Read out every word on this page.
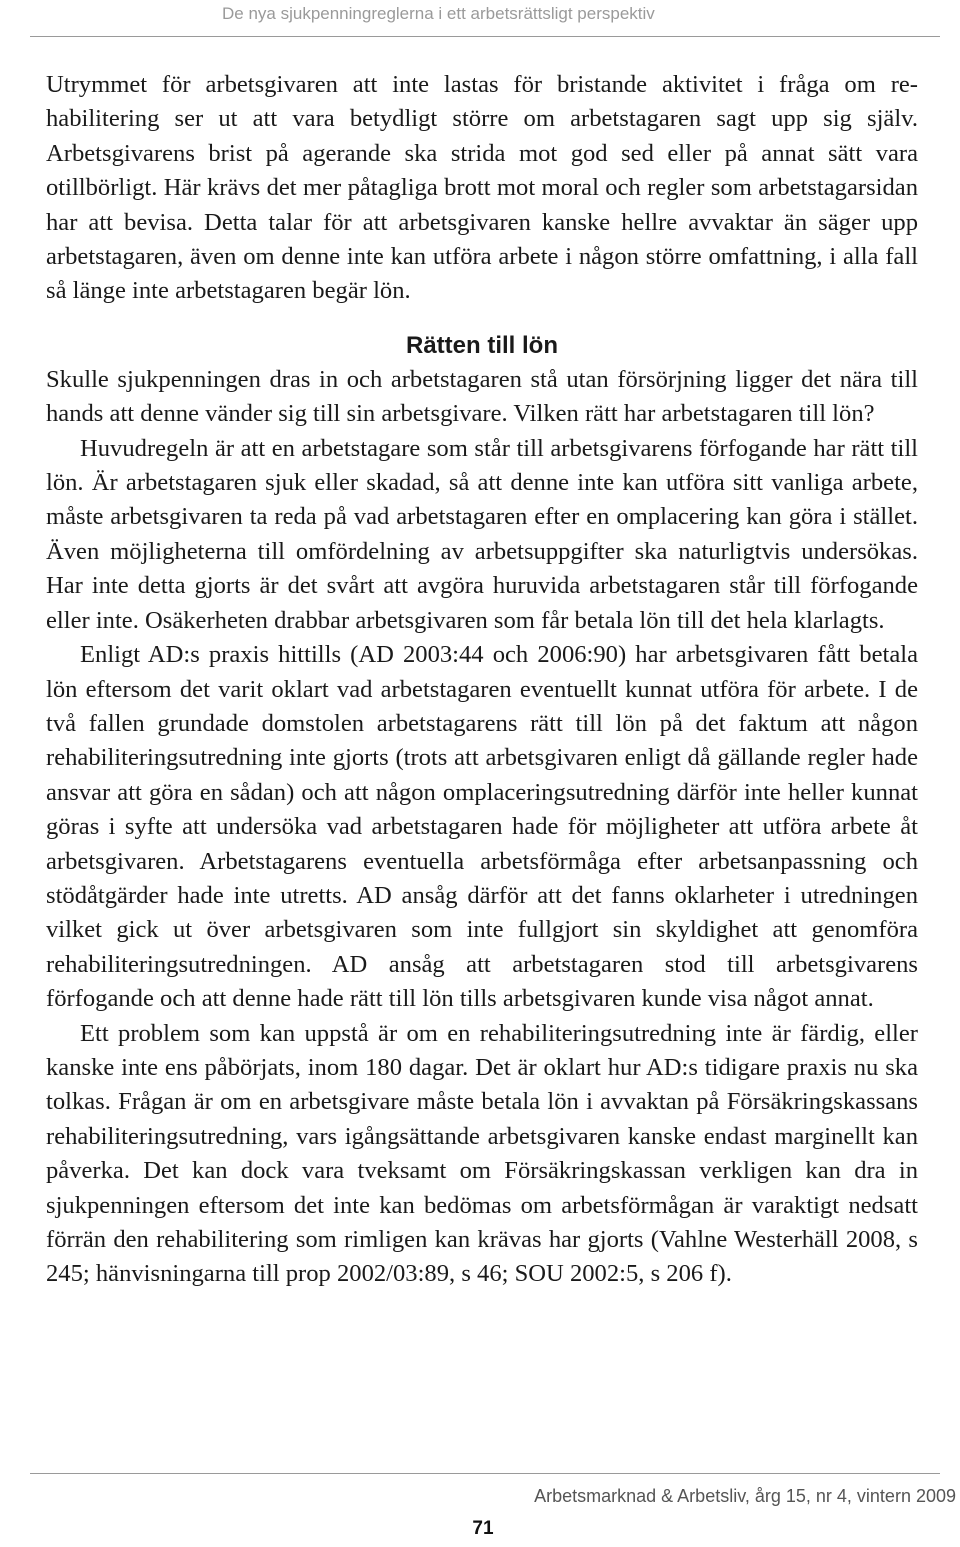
De nya sjukpenningreglerna i ett arbetsrättsligt perspektiv

Utrymmet för arbetsgivaren att inte lastas för bristande aktivitet i fråga om rehabilitering ser ut att vara betydligt större om arbetstagaren sagt upp sig själv. Arbetsgivarens brist på agerande ska strida mot god sed eller på annat sätt vara otillbörligt. Här krävs det mer påtagliga brott mot moral och regler som arbetstagarsidan har att bevisa. Detta talar för att arbetsgivaren kanske hellre avvaktar än säger upp arbetstagaren, även om denne inte kan utföra arbete i någon större omfattning, i alla fall så länge inte arbetstagaren begär lön.

Rätten till lön

Skulle sjukpenningen dras in och arbetstagaren stå utan försörjning ligger det nära till hands att denne vänder sig till sin arbetsgivare. Vilken rätt har arbetstagaren till lön?

Huvudregeln är att en arbetstagare som står till arbetsgivarens förfogande har rätt till lön. Är arbetstagaren sjuk eller skadad, så att denne inte kan utföra sitt vanliga arbete, måste arbetsgivaren ta reda på vad arbetstagaren efter en omplacering kan göra i stället. Även möjligheterna till omfördelning av arbetsuppgifter ska naturligtvis undersökas. Har inte detta gjorts är det svårt att avgöra huruvida arbetstagaren står till förfogande eller inte. Osäkerheten drabbar arbetsgivaren som får betala lön till det hela klarlagts.

Enligt AD:s praxis hittills (AD 2003:44 och 2006:90) har arbetsgivaren fått betala lön eftersom det varit oklart vad arbetstagaren eventuellt kunnat utföra för arbete. I de två fallen grundade domstolen arbetstagarens rätt till lön på det faktum att någon rehabiliteringsutredning inte gjorts (trots att arbetsgivaren enligt då gällande regler hade ansvar att göra en sådan) och att någon omplaceringsutredning därför inte heller kunnat göras i syfte att undersöka vad arbetstagaren hade för möjligheter att utföra arbete åt arbetsgivaren. Arbetstagarens eventuella arbetsförmåga efter arbetsanpassning och stödåtgärder hade inte utretts. AD ansåg därför att det fanns oklarheter i utredningen vilket gick ut över arbetsgivaren som inte fullgjort sin skyldighet att genomföra rehabiliteringsutredningen. AD ansåg att arbetstagaren stod till arbetsgivarens förfogande och att denne hade rätt till lön tills arbetsgivaren kunde visa något annat.

Ett problem som kan uppstå är om en rehabiliteringsutredning inte är färdig, eller kanske inte ens påbörjats, inom 180 dagar. Det är oklart hur AD:s tidigare praxis nu ska tolkas. Frågan är om en arbetsgivare måste betala lön i avvaktan på Försäkringskassans rehabiliteringsutredning, vars igångsättande arbetsgivaren kanske endast marginellt kan påverka. Det kan dock vara tveksamt om Försäkringskassan verkligen kan dra in sjukpenningen eftersom det inte kan bedömas om arbetsförmågan är varaktigt nedsatt förrän den rehabilitering som rimligen kan krävas har gjorts (Vahlne Westerhäll 2008, s 245; hänvisningarna till prop 2002/03:89, s 46; SOU 2002:5, s 206 f).

Arbetsmarknad & Arbetsliv, årg 15, nr 4, vintern 2009
71
